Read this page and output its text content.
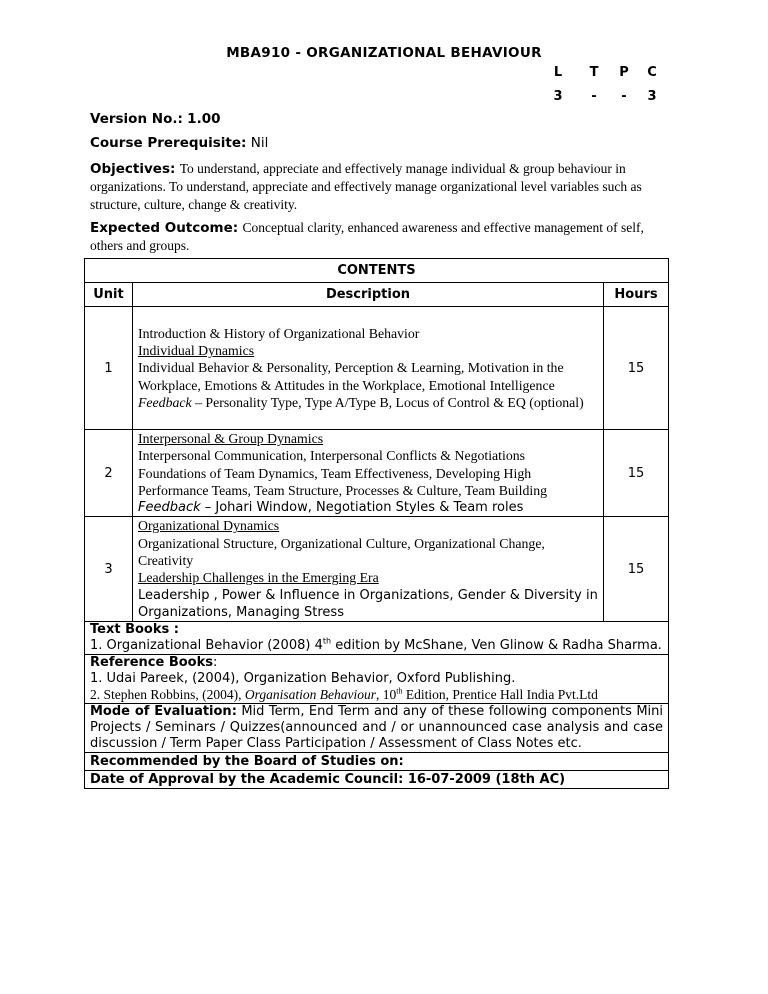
MBA910 - ORGANIZATIONAL BEHAVIOUR
L	T	P	C
3	-	-	3
Version No.: 1.00
Course Prerequisite: Nil
Objectives: To understand, appreciate and effectively manage individual & group behaviour in organizations. To understand, appreciate and effectively manage organizational level variables such as structure, culture, change & creativity.
Expected Outcome: Conceptual clarity, enhanced awareness and effective management of self, others and groups.
CONTENTS		
Unit	Description	Hours
1	Introduction & History of Organizational Behavior
Individual Dynamics
Individual Behavior & Personality, Perception & Learning, Motivation in the Workplace, Emotions & Attitudes in the Workplace, Emotional Intelligence
Feedback – Personality Type, Type A/Type B, Locus of Control & EQ (optional)	15
2	Interpersonal & Group Dynamics
Interpersonal Communication, Interpersonal Conflicts & Negotiations
Foundations of Team Dynamics, Team Effectiveness, Developing High Performance Teams, Team Structure, Processes & Culture, Team Building
Feedback – Johari Window, Negotiation Styles & Team roles	15
3	Organizational Dynamics
Organizational Structure, Organizational Culture, Organizational Change, Creativity
Leadership Challenges in the Emerging Era
Leadership , Power & Influence in Organizations, Gender & Diversity in Organizations, Managing Stress	15

Text Books :
1. Organizational Behavior (2008) 4th edition by McShane, Ven Glinow & Radha Sharma.		

Reference Books:
1. Udai Pareek, (2004), Organization Behavior, Oxford Publishing.
2. Stephen Robbins, (2004), Organisation Behaviour, 10th Edition, Prentice Hall India Pvt.Ltd		

Mode of Evaluation: Mid Term, End Term and any of these following components Mini Projects / Seminars / Quizzes(announced and / or unannounced case analysis and case discussion / Term Paper Class Participation / Assessment of Class Notes etc.		
Recommended by the Board of Studies on:		
Date of Approval by the Academic Council: 16-07-2009 (18th AC)		
